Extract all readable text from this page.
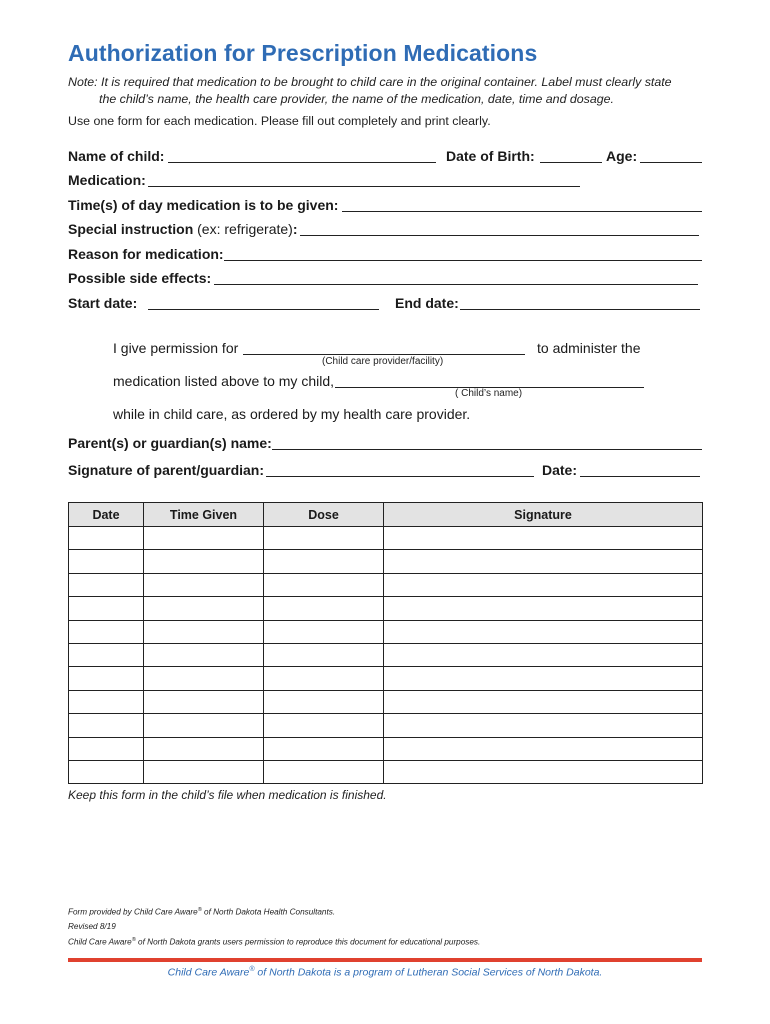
Authorization for Prescription Medications
Note: It is required that medication to be brought to child care in the original container. Label must clearly state
the child’s name, the health care provider, the name of the medication, date, time and dosage.
Use one form for each medication. Please fill out completely and print clearly.
Name of child:	Date of Birth:	Age:
Medication:
Time(s) of day medication is to be given:
Special instruction (ex: refrigerate):
Reason for medication:
Possible side effects:
Start date:	End date:
I give permission for	to administer the
(Child care provider/facility)
medication listed above to my child,
( Child’s name)
while in child care, as ordered by my health care provider.
Parent(s) or guardian(s) name:
Signature of parent/guardian:	Date:
Date	Time Given	Dose	Signature

Keep this form in the child’s file when medication is finished.
Form provided by Child Care Aware® of North Dakota Health Consultants.
Revised 8/19
Child Care Aware® of North Dakota grants users permission to reproduce this document for educational purposes.
Child Care Aware® of North Dakota is a program of Lutheran Social Services of North Dakota.
